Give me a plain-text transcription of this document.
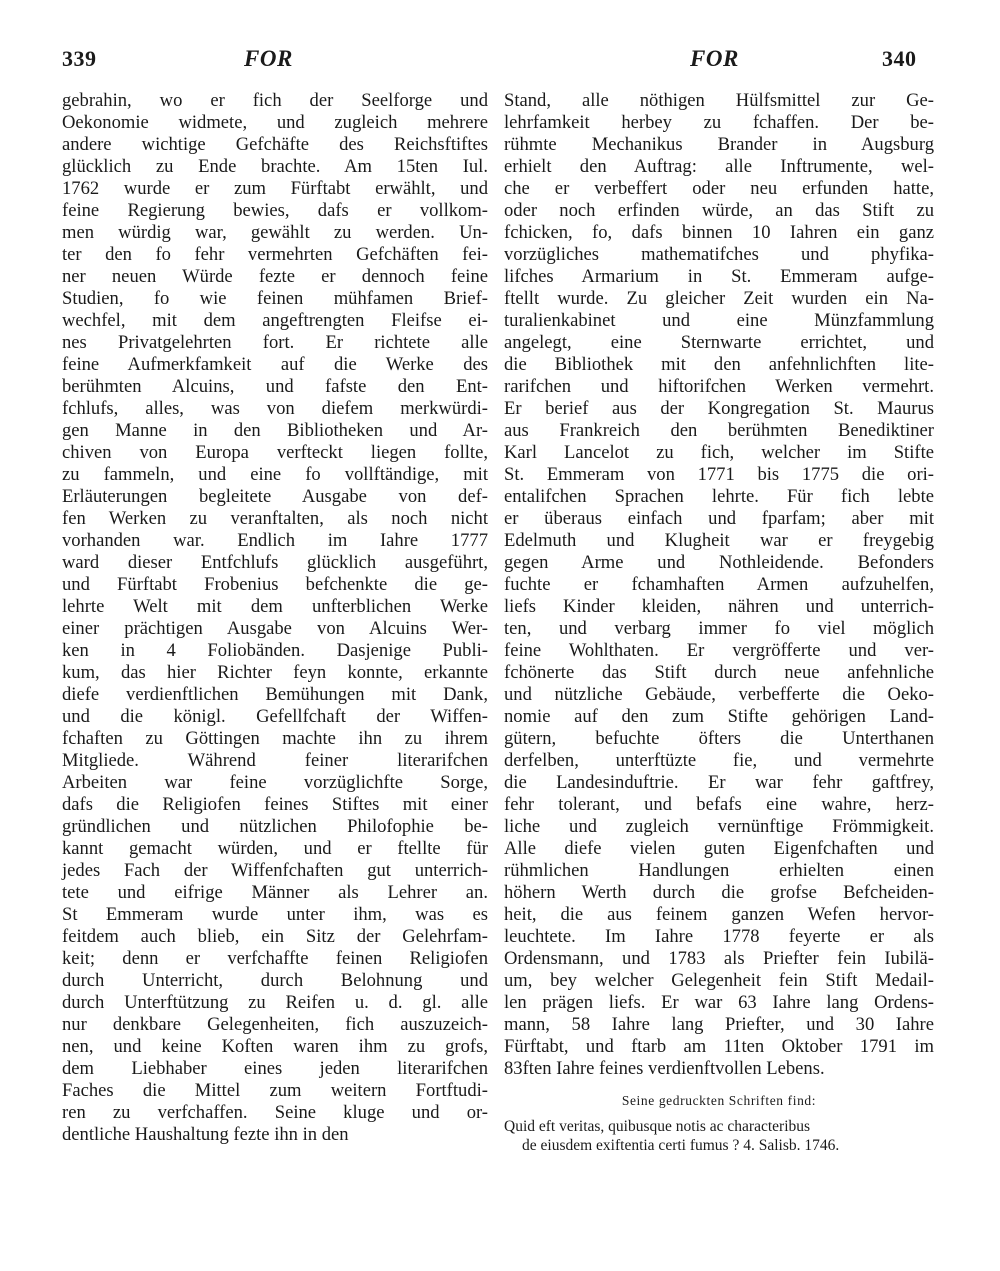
339	FOR	FOR	340
gebrahin, wo er fich der Seelforge und
Oekonomie widmete, und zugleich mehrere
andere wichtige Gefchäfte des Reichsftiftes
glücklich zu Ende brachte. Am 15ten Iul.
1762 wurde er zum Fürftabt erwählt, und
feine Regierung bewies, dafs er vollkom-
men würdig war, gewählt zu werden. Un-
ter den fo fehr vermehrten Gefchäften fei-
ner neuen Würde fezte er dennoch feine
Studien, fo wie feinen mühfamen Brief-
wechfel, mit dem angeftrengten Fleifse ei-
nes Privatgelehrten fort. Er richtete alle
feine Aufmerkfamkeit auf die Werke des
berühmten Alcuins, und fafste den Ent-
fchlufs, alles, was von diefem merkwürdi-
gen Manne in den Bibliotheken und Ar-
chiven von Europa verfteckt liegen follte,
zu fammeln, und eine fo vollftändige, mit
Erläuterungen begleitete Ausgabe von def-
fen Werken zu veranftalten, als noch nicht
vorhanden war. Endlich im Iahre 1777
ward dieser Entfchlufs glücklich ausgeführt,
und Fürftabt Frobenius befchenkte die ge-
lehrte Welt mit dem unfterblichen Werke
einer prächtigen Ausgabe von Alcuins Wer-
ken in 4 Foliobänden. Dasjenige Publi-
kum, das hier Richter feyn konnte, erkannte
diefe verdienftlichen Bemühungen mit Dank,
und die königl. Gefellfchaft der Wiffen-
fchaften zu Göttingen machte ihn zu ihrem
Mitgliede. Während feiner literarifchen
Arbeiten war feine vorzüglichfte Sorge,
dafs die Religiofen feines Stiftes mit einer
gründlichen und nützlichen Philofophie be-
kannt gemacht würden, und er ftellte für
jedes Fach der Wiffenfchaften gut unterrich-
tete und eifrige Männer als Lehrer an.
St Emmeram wurde unter ihm, was es
feitdem auch blieb, ein Sitz der Gelehrfam-
keit; denn er verfchaffte feinen Religiofen
durch Unterricht, durch Belohnung und
durch Unterftützung zu Reifen u. d. gl. alle
nur denkbare Gelegenheiten, fich auszuzeich-
nen, und keine Koften waren ihm zu grofs,
dem Liebhaber eines jeden literarifchen
Faches die Mittel zum weitern Fortftudi-
ren zu verfchaffen. Seine kluge und or-
dentliche Haushaltung fezte ihn in den
Stand, alle nöthigen Hülfsmittel zur Ge-
lehrfamkeit herbey zu fchaffen. Der be-
rühmte Mechanikus Brander in Augsburg
erhielt den Auftrag: alle Inftrumente, wel-
che er verbeffert oder neu erfunden hatte,
oder noch erfinden würde, an das Stift zu
fchicken, fo, dafs binnen 10 Iahren ein ganz
vorzügliches mathematifches und phyfika-
lifches Armarium in St. Emmeram aufge-
ftellt wurde. Zu gleicher Zeit wurden ein Na-
turalienkabinet und eine Münzfammlung
angelegt, eine Sternwarte errichtet, und
die Bibliothek mit den anfehnlichften lite-
rarifchen und hiftorifchen Werken vermehrt.
Er berief aus der Kongregation St. Maurus
aus Frankreich den berühmten Benediktiner
Karl Lancelot zu fich, welcher im Stifte
St. Emmeram von 1771 bis 1775 die ori-
entalifchen Sprachen lehrte. Für fich lebte
er überaus einfach und fparfam; aber mit
Edelmuth und Klugheit war er freygebig
gegen Arme und Nothleidende. Befonders
fuchte er fchamhaften Armen aufzuhelfen,
liefs Kinder kleiden, nähren und unterrich-
ten, und verbarg immer fo viel möglich
feine Wohlthaten. Er vergröfferte und ver-
fchönerte das Stift durch neue anfehnliche
und nützliche Gebäude, verbefferte die Oeko-
nomie auf den zum Stifte gehörigen Land-
gütern, befuchte öfters die Unterthanen
derfelben, unterftüzte fie, und vermehrte
die Landesinduftrie. Er war fehr gaftfrey,
fehr tolerant, und befafs eine wahre, herz-
liche und zugleich vernünftige Frömmigkeit.
Alle diefe vielen guten Eigenfchaften und
rühmlichen Handlungen erhielten einen
höhern Werth durch die grofse Befcheiden-
heit, die aus feinem ganzen Wefen hervor-
leuchtete. Im Iahre 1778 feyerte er als
Ordensmann, und 1783 als Priefter fein Iubilä-
um, bey welcher Gelegenheit fein Stift Medail-
len prägen liefs. Er war 63 Iahre lang Ordens-
mann, 58 Iahre lang Priefter, und 30 Iahre
Fürftabt, und ftarb am 11ten Oktober 1791 im
83ften Iahre feines verdienftvollen Lebens.
Seine gedruckten Schriften find:
Quid eft veritas, quibusque notis ac characteribus
de eiusdem exiftentia certi fumus ? 4. Salisb. 1746.
